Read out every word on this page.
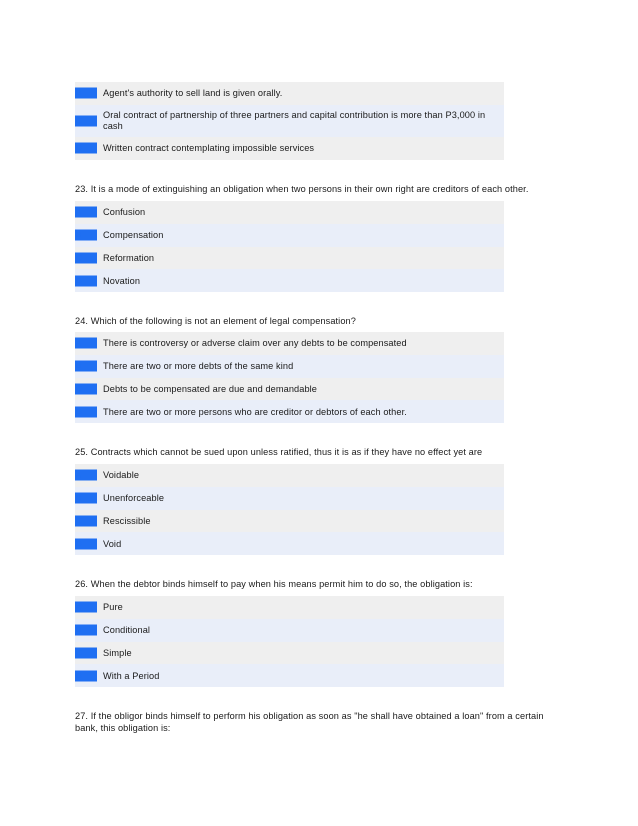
B	Agent's authority to sell land is given orally.
C
Oral contract of partnership of three partners and capital contribution is more than P3,000 in cash
D	Written contract contemplating impossible services
23. It is a mode of extinguishing an obligation when two persons in their own right are creditors of each other.
A	Confusion
B	Compensation
C	Reformation
D	Novation
24. Which of the following is not an element of legal compensation?
A	There is controversy or adverse claim over any debts to be compensated
B	There are two or more debts of the same kind
C	Debts to be compensated are due and demandable
D	There are two or more persons who are creditor or debtors of each other.
25. Contracts which cannot be sued upon unless ratified, thus it is as if they have no effect yet are
A	Voidable
B	Unenforceable
C	Rescissible
D	Void
26. When the debtor binds himself to pay when his means permit him to do so, the obligation is:
A	Pure
B	Conditional
C	Simple
D	With a Period
27. If the obligor binds himself to perform his obligation as soon as "he shall have obtained a loan" from a certain bank, this obligation is:
